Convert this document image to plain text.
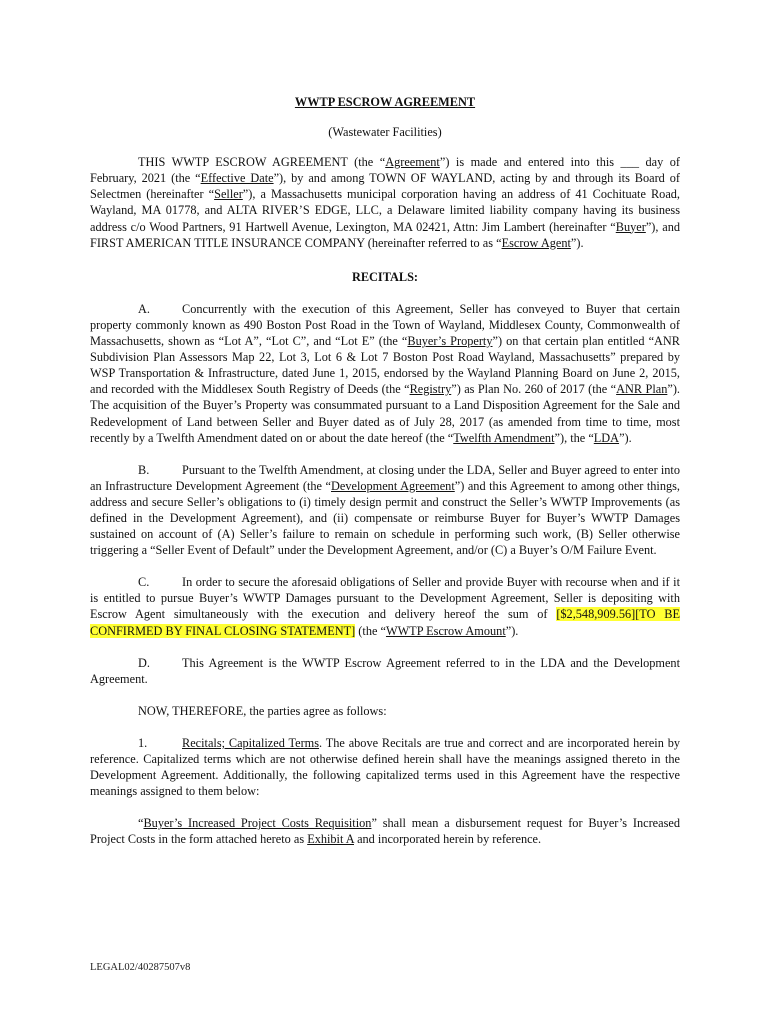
WWTP ESCROW AGREEMENT

(Wastewater Facilities)

THIS WWTP ESCROW AGREEMENT (the “Agreement”) is made and entered into this ___ day of February, 2021 (the “Effective Date”), by and among TOWN OF WAYLAND, acting by and through its Board of Selectmen (hereinafter “Seller”), a Massachusetts municipal corporation having an address of 41 Cochituate Road, Wayland, MA 01778, and ALTA RIVER’S EDGE, LLC, a Delaware limited liability company having its business address c/o Wood Partners, 91 Hartwell Avenue, Lexington, MA 02421, Attn: Jim Lambert (hereinafter “Buyer”), and FIRST AMERICAN TITLE INSURANCE COMPANY (hereinafter referred to as “Escrow Agent”).

RECITALS:

A.	Concurrently with the execution of this Agreement, Seller has conveyed to Buyer that certain property commonly known as 490 Boston Post Road in the Town of Wayland, Middlesex County, Commonwealth of Massachusetts, shown as “Lot A”, “Lot C”, and “Lot E” (the “Buyer’s Property”) on that certain plan entitled “ANR Subdivision Plan Assessors Map 22, Lot 3, Lot 6 & Lot 7 Boston Post Road Wayland, Massachusetts” prepared by WSP Transportation & Infrastructure, dated June 1, 2015, endorsed by the Wayland Planning Board on June 2, 2015, and recorded with the Middlesex South Registry of Deeds (the “Registry”) as Plan No. 260 of 2017 (the “ANR Plan”). The acquisition of the Buyer’s Property was consummated pursuant to a Land Disposition Agreement for the Sale and Redevelopment of Land between Seller and Buyer dated as of July 28, 2017 (as amended from time to time, most recently by a Twelfth Amendment dated on or about the date hereof (the “Twelfth Amendment”), the “LDA”).

B.	Pursuant to the Twelfth Amendment, at closing under the LDA, Seller and Buyer agreed to enter into an Infrastructure Development Agreement (the “Development Agreement”) and this Agreement to among other things, address and secure Seller’s obligations to (i) timely design permit and construct the Seller’s WWTP Improvements (as defined in the Development Agreement), and (ii) compensate or reimburse Buyer for Buyer’s WWTP Damages sustained on account of (A) Seller’s failure to remain on schedule in performing such work, (B) Seller otherwise triggering a “Seller Event of Default” under the Development Agreement, and/or (C) a Buyer’s O/M Failure Event.

C.	In order to secure the aforesaid obligations of Seller and provide Buyer with recourse when and if it is entitled to pursue Buyer’s WWTP Damages pursuant to the Development Agreement, Seller is depositing with Escrow Agent simultaneously with the execution and delivery hereof the sum of [$2,548,909.56][TO BE CONFIRMED BY FINAL CLOSING STATEMENT] (the “WWTP Escrow Amount”).

D.	This Agreement is the WWTP Escrow Agreement referred to in the LDA and the Development Agreement.

NOW, THEREFORE, the parties agree as follows:

1.	Recitals; Capitalized Terms. The above Recitals are true and correct and are incorporated herein by reference. Capitalized terms which are not otherwise defined herein shall have the meanings assigned thereto in the Development Agreement. Additionally, the following capitalized terms used in this Agreement have the respective meanings assigned to them below:

“Buyer’s Increased Project Costs Requisition” shall mean a disbursement request for Buyer’s Increased Project Costs in the form attached hereto as Exhibit A and incorporated herein by reference.

LEGAL02/40287507v8
